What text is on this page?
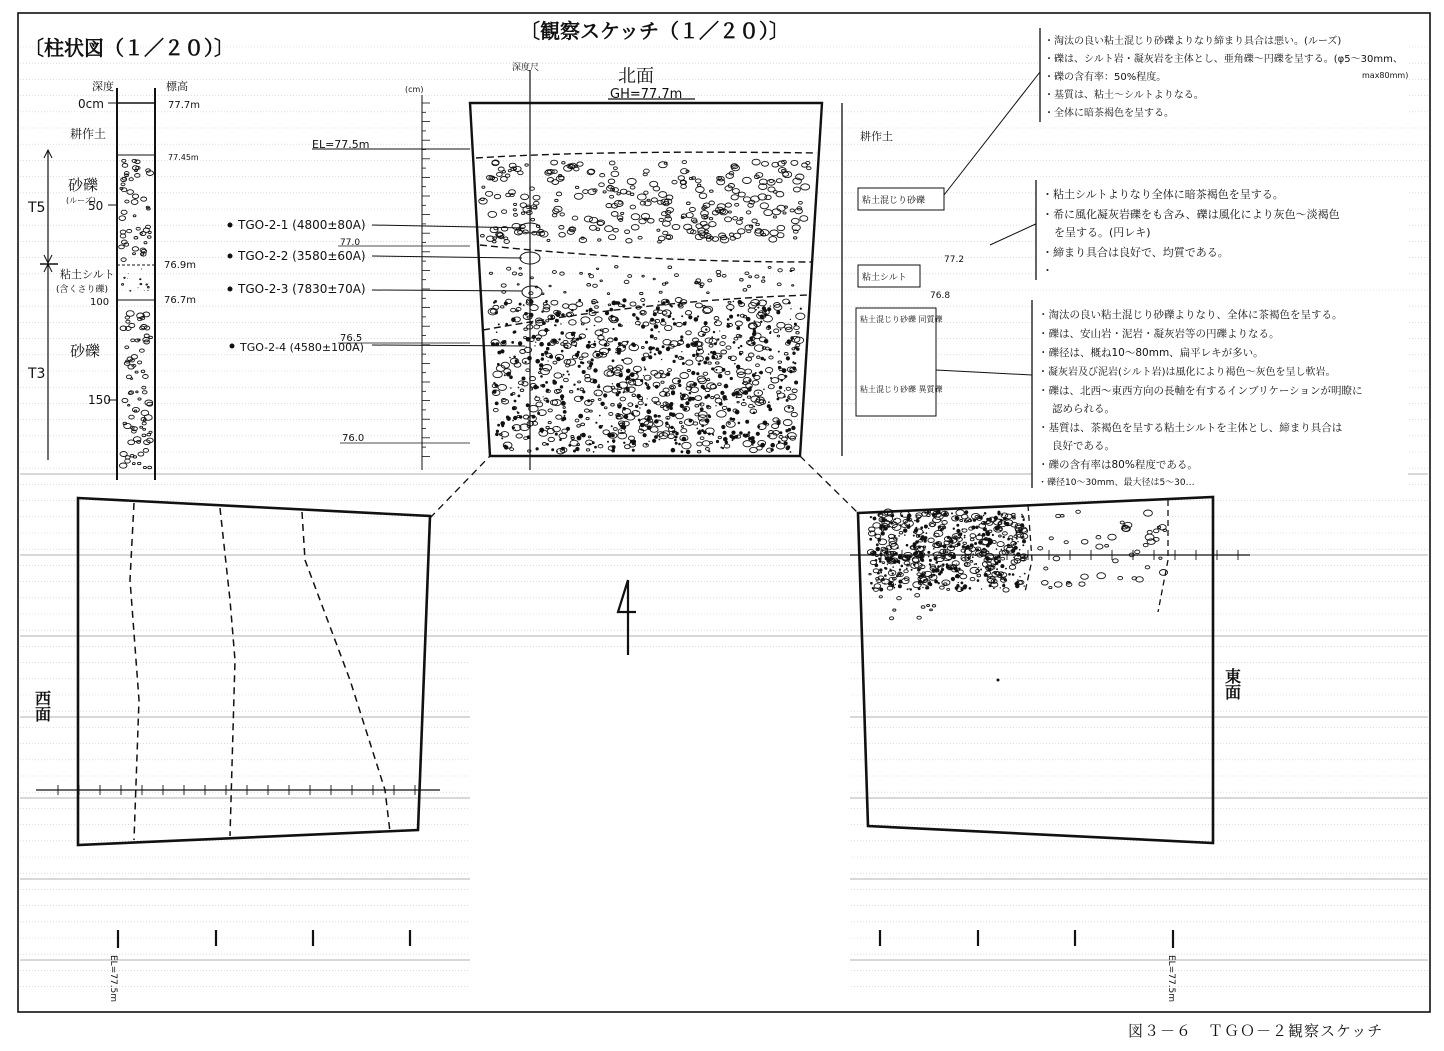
〔柱状図（１／２０）〕
〔観察スケッチ（１／２０）〕
深度	標高
0cm
50
100
150
77.7m
77.45m
76.9m
76.7m
耕作土
砂礫
(ルーズ)
粘土シルト
(含くさり礫)
砂礫
T5
T3
深度尺	北面
GH=77.7m
(cm)
EL=77.5m
77.0
76.5
76.0
TGO-2-1 (4800±80A)
TGO-2-2 (3580±60A)
TGO-2-3 (7830±70A)
TGO-2-4 (4580±100A)
耕作土
粘土混じり砂礫
粘土シルト
粘土混じり砂礫 同質礫
粘土混じり砂礫 異質礫
77.2
76.8
・淘汰の良い粘土混じり砂礫よりなり締まり具合は悪い。(ルーズ)
・礫は、シルト岩・凝灰岩を主体とし、亜角礫～円礫を呈する。(φ5～30mm、
max80mm)
・礫の含有率：50%程度。
・基質は、粘土～シルトよりなる。
・全体に暗茶褐色を呈する。
・粘土シルトよりなり全体に暗茶褐色を呈する。
・希に風化凝灰岩礫をも含み、礫は風化により灰色～淡褐色
を呈する。(円レキ)
・締まり具合は良好で、均質である。
・
・淘汰の良い粘土混じり砂礫よりなり、全体に茶褐色を呈する。
・礫は、安山岩・泥岩・凝灰岩等の円礫よりなる。
・礫径は、概ね10～80mm、扁平レキが多い。
・凝灰岩及び泥岩(シルト岩)は風化により褐色～灰色を呈し軟岩。
・礫は、北西～東西方向の長軸を有するインブリケーションが明瞭に
認められる。
・基質は、茶褐色を呈する粘土シルトを主体とし、締まり具合は
良好である。
・礫の含有率は80%程度である。
・礫径10～30mm、最大径は5～30…
西面
東面
EL=77.5m	EL=77.5m
図３－６　ＴＧＯ－２観察スケッチ
